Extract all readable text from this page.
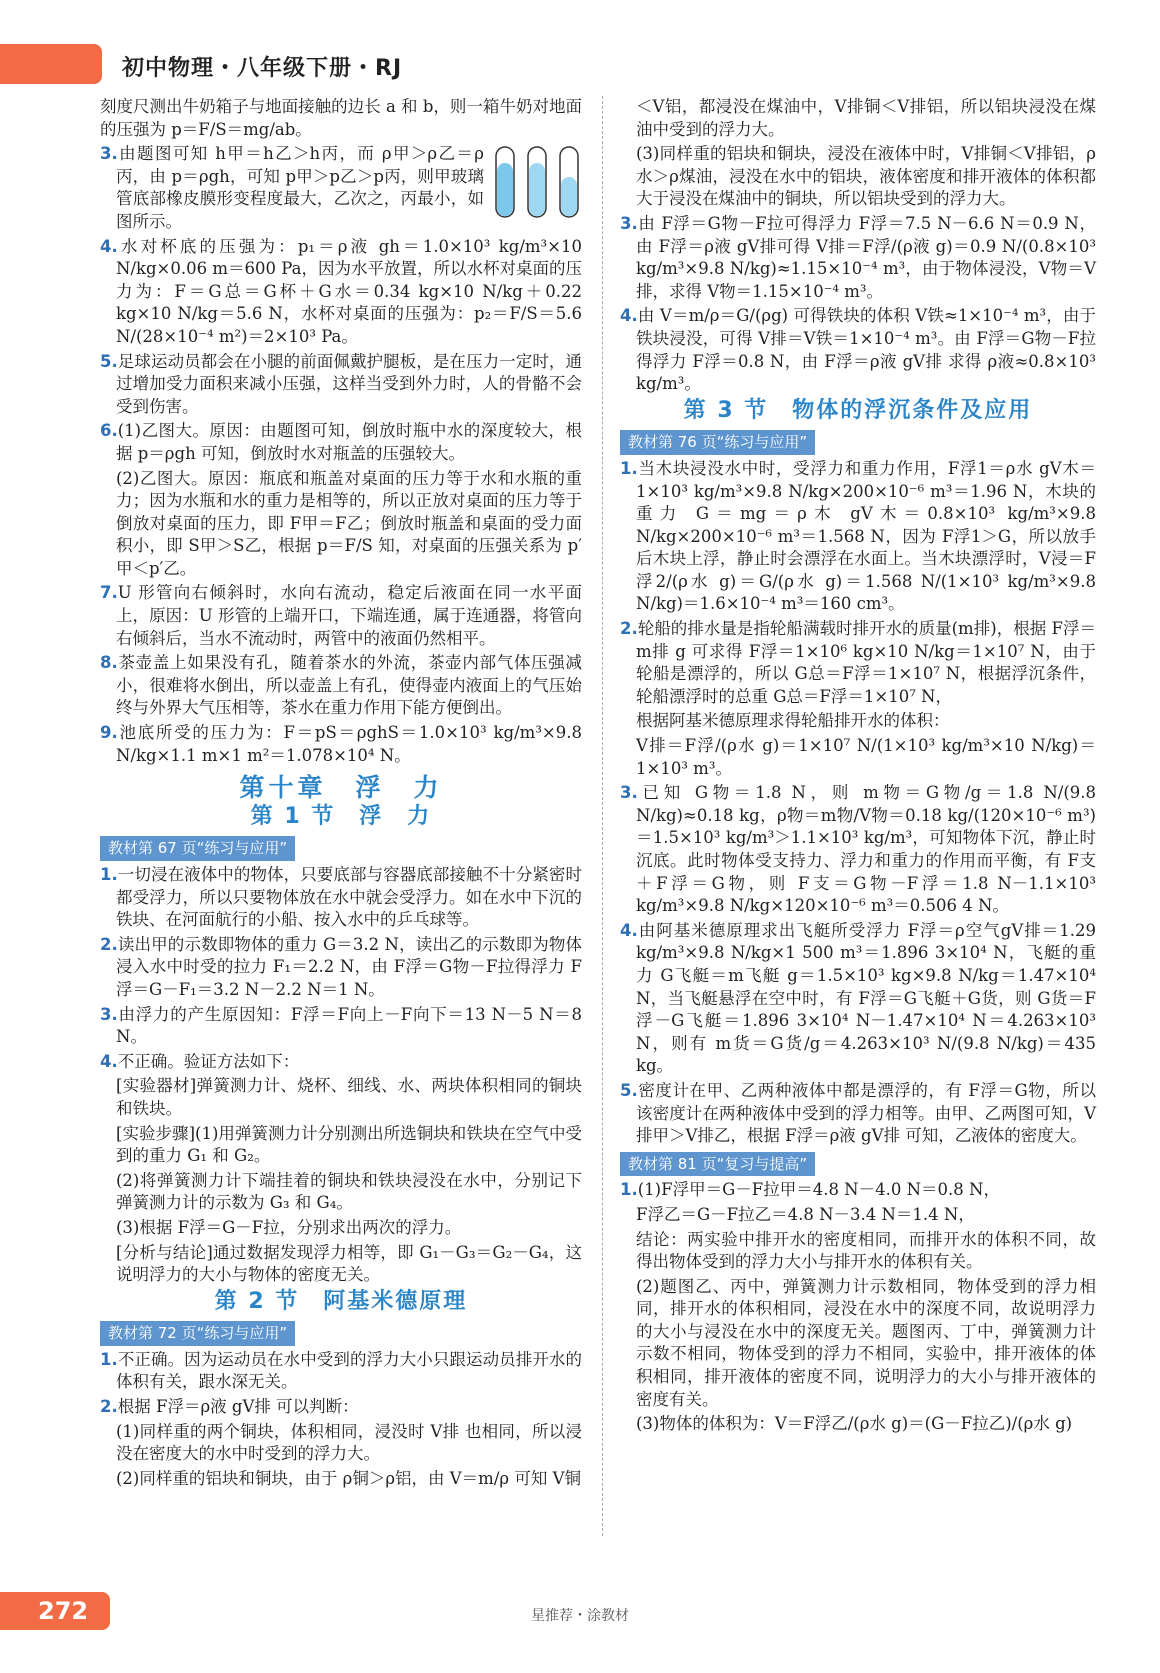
初中物理・八年级下册・RJ

刻度尺测出牛奶箱子与地面接触的边长 a 和 b，则一箱牛奶对地面的压强为 p＝F/S＝mg/ab。

3.由题图可知 h甲＝h乙＞h丙，而 ρ甲＞ρ乙＝ρ丙，由 p＝ρgh，可知 p甲＞p乙＞p丙，则甲玻璃管底部橡皮膜形变程度最大，乙次之，丙最小，如图所示。

4.水对杯底的压强为：p₁＝ρ液 gh＝1.0×10³ kg/m³×10 N/kg×0.06 m＝600 Pa，因为水平放置，所以水杯对桌面的压力为：F＝G总＝G杯＋G水＝0.34 kg×10 N/kg＋0.22 kg×10 N/kg＝5.6 N，水杯对桌面的压强为：p₂＝F/S＝5.6 N/(28×10⁻⁴ m²)＝2×10³ Pa。

5.足球运动员都会在小腿的前面佩戴护腿板，是在压力一定时，通过增加受力面积来减小压强，这样当受到外力时，人的骨骼不会受到伤害。

6.(1)乙图大。原因：由题图可知，倒放时瓶中水的深度较大，根据 p＝ρgh 可知，倒放时水对瓶盖的压强较大。

(2)乙图大。原因：瓶底和瓶盖对桌面的压力等于水和水瓶的重力；因为水瓶和水的重力是相等的，所以正放对桌面的压力等于倒放对桌面的压力，即 F甲＝F乙；倒放时瓶盖和桌面的受力面积小，即 S甲＞S乙，根据 p＝F/S 知，对桌面的压强关系为 p′甲＜p′乙。

7.U 形管向右倾斜时，水向右流动，稳定后液面在同一水平面上，原因：U 形管的上端开口，下端连通，属于连通器，将管向右倾斜后，当水不流动时，两管中的液面仍然相平。

8.茶壶盖上如果没有孔，随着茶水的外流，茶壶内部气体压强减小，很难将水倒出，所以壶盖上有孔，使得壶内液面上的气压始终与外界大气压相等，茶水在重力作用下能方便倒出。

9.池底所受的压力为：F＝pS＝ρghS＝1.0×10³ kg/m³×9.8 N/kg×1.1 m×1 m²＝1.078×10⁴ N。

第十章　浮　力
第 1 节　浮　力
教材第 67 页“练习与应用”

1.一切浸在液体中的物体，只要底部与容器底部接触不十分紧密时都受浮力，所以只要物体放在水中就会受浮力。如在水中下沉的铁块、在河面航行的小船、按入水中的乒乓球等。

2.读出甲的示数即物体的重力 G＝3.2 N，读出乙的示数即为物体浸入水中时受的拉力 F₁＝2.2 N，由 F浮＝G物－F拉得浮力 F浮＝G－F₁＝3.2 N－2.2 N＝1 N。

3.由浮力的产生原因知：F浮＝F向上－F向下＝13 N－5 N＝8 N。

4.不正确。验证方法如下：

[实验器材]弹簧测力计、烧杯、细线、水、两块体积相同的铜块和铁块。

[实验步骤](1)用弹簧测力计分别测出所选铜块和铁块在空气中受到的重力 G₁ 和 G₂。

(2)将弹簧测力计下端挂着的铜块和铁块浸没在水中，分别记下弹簧测力计的示数为 G₃ 和 G₄。

(3)根据 F浮＝G－F拉，分别求出两次的浮力。

[分析与结论]通过数据发现浮力相等，即 G₁－G₃＝G₂－G₄，这说明浮力的大小与物体的密度无关。

第 2 节　阿基米德原理
教材第 72 页“练习与应用”

1.不正确。因为运动员在水中受到的浮力大小只跟运动员排开水的体积有关，跟水深无关。

2.根据 F浮＝ρ液 gV排 可以判断：

(1)同样重的两个铜块，体积相同，浸没时 V排 也相同，所以浸没在密度大的水中时受到的浮力大。

(2)同样重的铝块和铜块，由于 ρ铜＞ρ铝，由 V＝m/ρ 可知 V铜

＜V铝，都浸没在煤油中，V排铜＜V排铝，所以铝块浸没在煤油中受到的浮力大。

(3)同样重的铝块和铜块，浸没在液体中时，V排铜＜V排铝，ρ水＞ρ煤油，浸没在水中的铝块，液体密度和排开液体的体积都大于浸没在煤油中的铜块，所以铝块受到的浮力大。

3.由 F浮＝G物－F拉可得浮力 F浮＝7.5 N－6.6 N＝0.9 N，由 F浮＝ρ液 gV排可得 V排＝F浮/(ρ液 g)＝0.9 N/(0.8×10³ kg/m³×9.8 N/kg)≈1.15×10⁻⁴ m³，由于物体浸没，V物＝V排，求得 V物＝1.15×10⁻⁴ m³。

4.由 V＝m/ρ＝G/(ρg) 可得铁块的体积 V铁≈1×10⁻⁴ m³，由于铁块浸没，可得 V排＝V铁＝1×10⁻⁴ m³。由 F浮＝G物－F拉得浮力 F浮＝0.8 N，由 F浮＝ρ液 gV排 求得 ρ液≈0.8×10³ kg/m³。

第 3 节　物体的浮沉条件及应用
教材第 76 页“练习与应用”

1.当木块浸没水中时，受浮力和重力作用，F浮1＝ρ水 gV木＝1×10³ kg/m³×9.8 N/kg×200×10⁻⁶ m³＝1.96 N，木块的重力 G＝mg＝ρ木 gV木＝0.8×10³ kg/m³×9.8 N/kg×200×10⁻⁶ m³＝1.568 N，因为 F浮1＞G，所以放手后木块上浮，静止时会漂浮在水面上。当木块漂浮时，V浸＝F浮2/(ρ水 g)＝G/(ρ水 g)＝1.568 N/(1×10³ kg/m³×9.8 N/kg)＝1.6×10⁻⁴ m³＝160 cm³。

2.轮船的排水量是指轮船满载时排开水的质量(m排)，根据 F浮＝m排 g 可求得 F浮＝1×10⁶ kg×10 N/kg＝1×10⁷ N，由于轮船是漂浮的，所以 G总＝F浮＝1×10⁷ N，根据浮沉条件，轮船漂浮时的总重 G总＝F浮＝1×10⁷ N，

根据阿基米德原理求得轮船排开水的体积：

V排＝F浮/(ρ水 g)＝1×10⁷ N/(1×10³ kg/m³×10 N/kg)＝1×10³ m³。

3.已知 G物＝1.8 N，则 m物＝G物/g＝1.8 N/(9.8 N/kg)≈0.18 kg，ρ物＝m物/V物＝0.18 kg/(120×10⁻⁶ m³)＝1.5×10³ kg/m³＞1.1×10³ kg/m³，可知物体下沉，静止时沉底。此时物体受支持力、浮力和重力的作用而平衡，有 F支＋F浮＝G物，则 F支＝G物－F浮＝1.8 N－1.1×10³ kg/m³×9.8 N/kg×120×10⁻⁶ m³＝0.506 4 N。

4.由阿基米德原理求出飞艇所受浮力 F浮＝ρ空气gV排＝1.29 kg/m³×9.8 N/kg×1 500 m³＝1.896 3×10⁴ N，飞艇的重力 G飞艇＝m飞艇 g＝1.5×10³ kg×9.8 N/kg＝1.47×10⁴ N，当飞艇悬浮在空中时，有 F浮＝G飞艇＋G货，则 G货＝F浮－G飞艇＝1.896 3×10⁴ N－1.47×10⁴ N＝4.263×10³ N，则有 m货＝G货/g＝4.263×10³ N/(9.8 N/kg)＝435 kg。

5.密度计在甲、乙两种液体中都是漂浮的，有 F浮＝G物，所以该密度计在两种液体中受到的浮力相等。由甲、乙两图可知，V排甲＞V排乙，根据 F浮＝ρ液 gV排 可知，乙液体的密度大。

教材第 81 页“复习与提高”

1.(1)F浮甲＝G－F拉甲＝4.8 N－4.0 N＝0.8 N，

F浮乙＝G－F拉乙＝4.8 N－3.4 N＝1.4 N，

结论：两实验中排开水的密度相同，而排开水的体积不同，故得出物体受到的浮力大小与排开水的体积有关。

(2)题图乙、丙中，弹簧测力计示数相同，物体受到的浮力相同，排开水的体积相同，浸没在水中的深度不同，故说明浮力的大小与浸没在水中的深度无关。题图丙、丁中，弹簧测力计示数不相同，物体受到的浮力不相同，实验中，排开液体的体积相同，排开液体的密度不同，说明浮力的大小与排开液体的密度有关。

(3)物体的体积为：V＝F浮乙/(ρ水 g)＝(G－F拉乙)/(ρ水 g)

272	星推荐・涂教材
